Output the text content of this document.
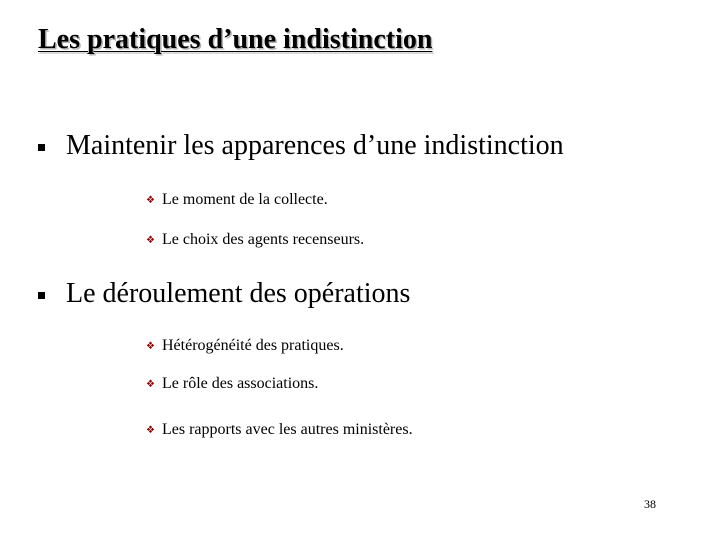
Les pratiques d’une indistinction
Maintenir les apparences d’une indistinction
❖ Le moment de la collecte.
❖ Le choix des agents recenseurs.
Le déroulement des opérations
❖ Hétérogénéité des pratiques.
❖ Le rôle des associations.
❖ Les rapports avec les autres ministères.
38
